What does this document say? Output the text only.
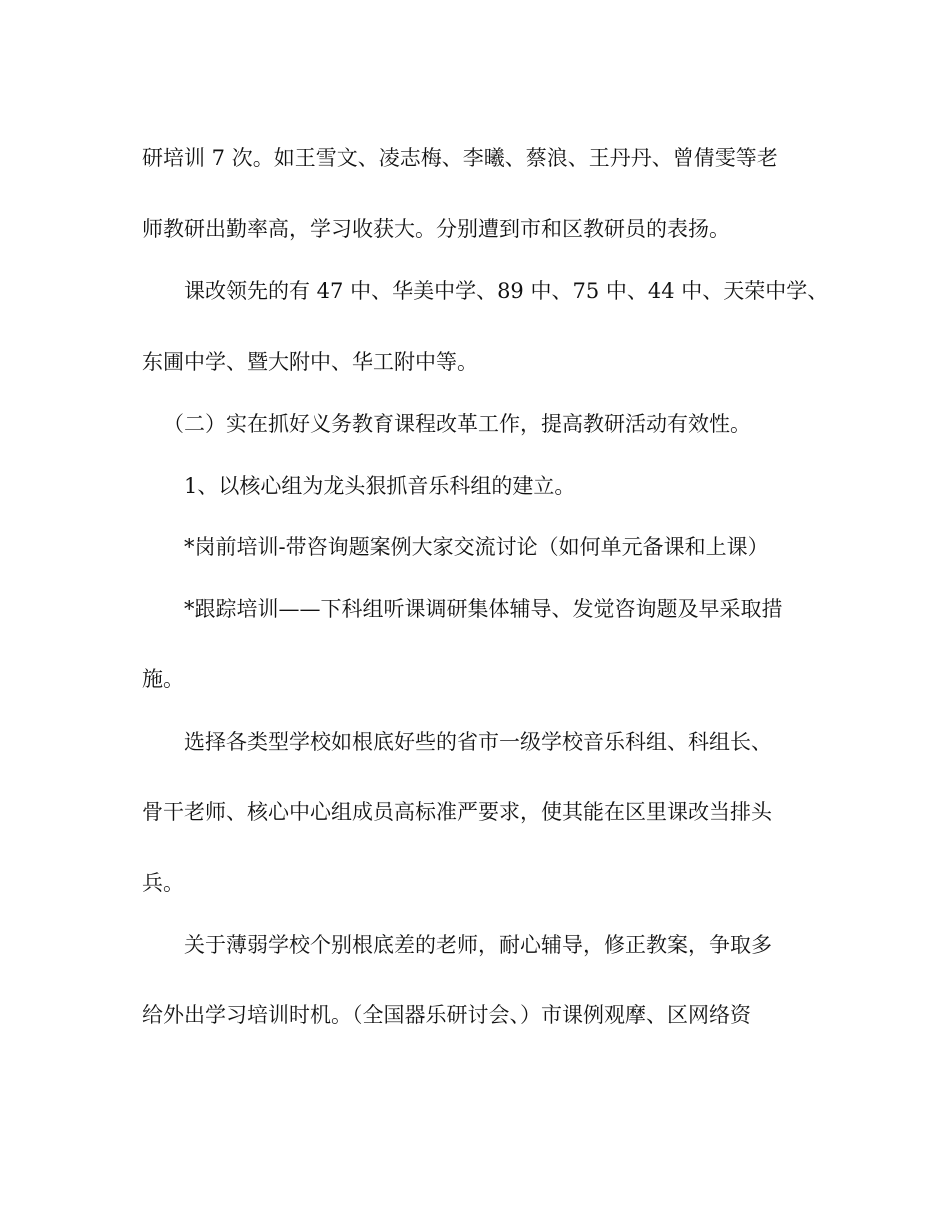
研培训 7 次。如王雪文、凌志梅、李曦、蔡浪、王丹丹、曾倩雯等老
师教研出勤率高，学习收获大。分别遭到市和区教研员的表扬。
课改领先的有 47 中、华美中学、89 中、75 中、44 中、天荣中学、
东圃中学、暨大附中、华工附中等。
（二）实在抓好义务教育课程改革工作，提高教研活动有效性。
1、以核心组为龙头狠抓音乐科组的建立。
*岗前培训-带咨询题案例大家交流讨论（如何单元备课和上课）
*跟踪培训——下科组听课调研集体辅导、发觉咨询题及早采取措
施。
选择各类型学校如根底好些的省市一级学校音乐科组、科组长、
骨干老师、核心中心组成员高标准严要求，使其能在区里课改当排头
兵。
关于薄弱学校个别根底差的老师，耐心辅导，修正教案，争取多
给外出学习培训时机。（全国器乐研讨会、）市课例观摩、区网络资
